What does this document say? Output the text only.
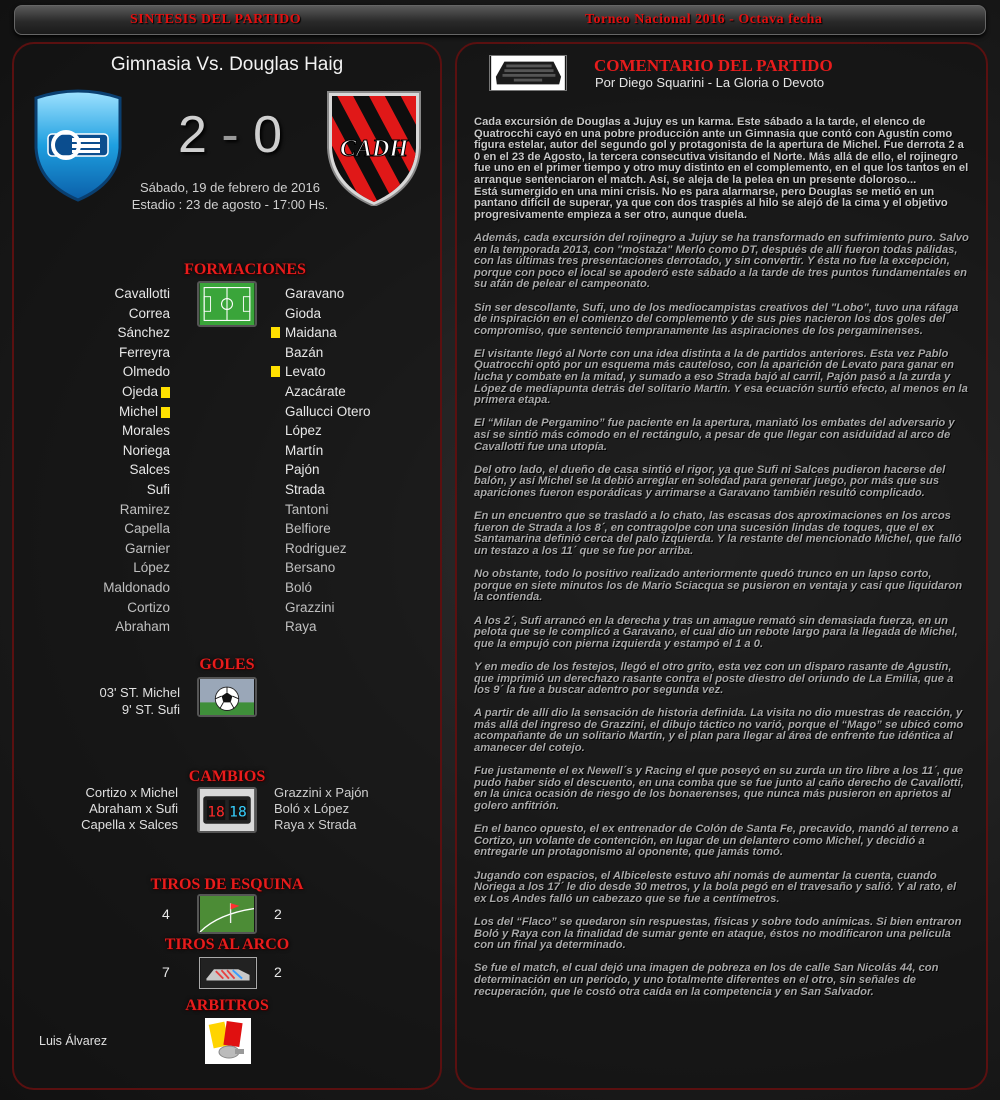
SINTESIS DEL PARTIDO	Torneo Nacional 2016 - Octava fecha
Gimnasia Vs. Douglas Haig
2 - 0	CADH
Sábado, 19 de febrero de 2016
Estadio : 23 de agosto - 17:00 Hs.
FORMACIONES
Cavallotti
Correa
Sánchez
Ferreyra
Olmedo
Ojeda
Michel
Morales
Noriega
Salces
Sufi
Ramirez
Capella
Garnier
López
Maldonado
Cortizo
Abraham
Garavano
Gioda
Maidana
Bazán
Levato
Azacárate
Gallucci Otero
López
Martín
Pajón
Strada
Tantoni
Belfiore
Rodriguez
Bersano
Boló
Grazzini
Raya
GOLES
03' ST. Michel
9' ST. Sufi
CAMBIOS
Cortizo x Michel
Abraham x Sufi
Capella x Salces
18 18
Grazzini x Pajón
Boló x López
Raya x Strada
TIROS DE ESQUINA
4	2
TIROS AL ARCO
7	2
ARBITROS
Luis Álvarez
COMENTARIO DEL PARTIDO
Por Diego Squarini - La Gloria o Devoto

Cada excursión de Douglas a Jujuy es un karma. Este sábado a la tarde, el elenco de Quatrocchi cayó en una pobre producción ante un Gimnasia que contó con Agustín como figura estelar, autor del segundo gol y protagonista de la apertura de Michel. Fue derrota 2 a 0 en el 23 de Agosto, la tercera consecutiva visitando el Norte. Más allá de ello, el rojinegro fue uno en el primer tiempo y otro muy distinto en el complemento, en el que los tantos en el arranque sentenciaron el match. Así, se aleja de la pelea en un presente doloroso...
Está sumergido en una mini crisis. No es para alarmarse, pero Douglas se metió en un pantano difícil de superar, ya que con dos traspiés al hilo se alejó de la cima y el objetivo progresivamente empieza a ser otro, aunque duela.

Además, cada excursión del rojinegro a Jujuy se ha transformado en sufrimiento puro. Salvo en la temporada 2013, con "mostaza" Merlo como DT, después de allí fueron todas pálidas, con las últimas tres presentaciones derrotado, y sin convertir. Y ésta no fue la excepción, porque con poco el local se apoderó este sábado a la tarde de tres puntos fundamentales en su afán de pelear el campeonato.

Sin ser descollante, Sufi, uno de los mediocampistas creativos del "Lobo", tuvo una ráfaga de inspiración en el comienzo del complemento y de sus pies nacieron los dos goles del compromiso, que sentenció tempranamente las aspiraciones de los pergaminenses.

El visitante llegó al Norte con una idea distinta a la de partidos anteriores. Esta vez Pablo Quatrocchi optó por un esquema más cauteloso, con la aparición de Levato para ganar en lucha y combate en la mitad, y sumado a eso Strada bajó al carril, Pajón pasó a la zurda y López de mediapunta detrás del solitario Martín. Y esa ecuación surtió efecto, al menos en la primera etapa.

El “Milan de Pergamino” fue paciente en la apertura, manìató los embates del adversario y así se sintió más cómodo en el rectángulo, a pesar de que llegar con asiduidad al arco de Cavallotti fue una utopía.

Del otro lado, el dueño de casa sintió el rigor, ya que Sufi ni Salces pudieron hacerse del balón, y así Michel se la debió arreglar en soledad para generar juego, por más que sus apariciones fueron esporádicas y arrimarse a Garavano también resultó complicado.

En un encuentro que se trasladó a lo chato, las escasas dos aproximaciones en los arcos fueron de Strada a los 8´, en contragolpe con una sucesión lindas de toques, que el ex Santamarina definió cerca del palo izquierda. Y la restante del mencionado Michel, que falló un testazo a los 11´ que se fue por arriba.

No obstante, todo lo positivo realizado anteriormente quedó trunco en un lapso corto, porque en siete minutos los de Mario Sciacqua se pusieron en ventaja y casi que liquidaron la contienda.

A los 2´, Sufi arrancó en la derecha y tras un amague remató sin demasiada fuerza, en un pelota que se le complicó a Garavano, el cual dio un rebote largo para la llegada de Michel, que la empujó con pierna izquierda y estampó el 1 a 0.

Y en medio de los festejos, llegó el otro grito, esta vez con un disparo rasante de Agustín, que imprimió un derechazo rasante contra el poste diestro del oriundo de La Emilia, que a los 9´ la fue a buscar adentro por segunda vez.

A partir de allí dio la sensación de historia definida. La visita no dio muestras de reacción, y más allá del ingreso de Grazzini, el dibujo táctico no varió, porque el “Mago” se ubicó como acompañante de un solitario Martín, y el plan para llegar al área de enfrente fue idéntica al amanecer del cotejo.

Fue justamente el ex Newell´s y Racing el que poseyó en su zurda un tiro libre a los 11´, que pudo haber sido el descuento, en una comba que se fue junto al caño derecho de Cavallotti, en la única ocasión de riesgo de los bonaerenses, que nunca más pusieron en aprietos al golero anfitrión.

En el banco opuesto, el ex entrenador de Colón de Santa Fe, precavido, mandó al terreno a Cortizo, un volante de contención, en lugar de un delantero como Michel, y decidió a entregarle un protagonismo al oponente, que jamás tomó.

Jugando con espacios, el Albiceleste estuvo ahí nomás de aumentar la cuenta, cuando Noriega a los 17´ le dio desde 30 metros, y la bola pegó en el travesaño y salió. Y al rato, el ex Los Andes falló un cabezazo que se fue a centímetros.

Los del “Flaco” se quedaron sin respuestas, físicas y sobre todo anímicas. Si bien entraron Boló y Raya con la finalidad de sumar gente en ataque, éstos no modificaron una película con un final ya determinado.

Se fue el match, el cual dejó una imagen de pobreza en los de calle San Nicolás 44, con determinación en un período, y uno totalmente diferentes en el otro, sin señales de recuperación, que le costó otra caída en la competencia y en San Salvador.
